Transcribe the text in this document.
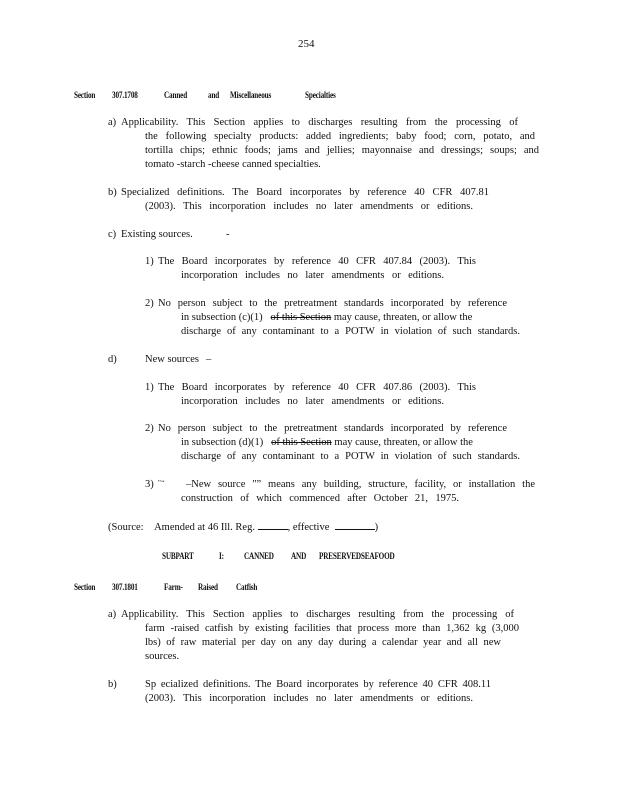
254
Section 307.1708	Canned and Miscellaneous	Specialties
a) Applicability. This Section applies to discharges resulting from the processing of
the following specialty products: added ingredients; baby food; corn, potato, and
tortilla chips; ethnic foods; jams and jellies; mayonnaise and dressings; soups; and
tomato -starch -cheese canned specialties.
b) Specialized definitions. The Board incorporates by reference 40 CFR 407.81
(2003). This incorporation includes no later amendments or editions.
c) Existing sources.	-
1) The Board incorporates by reference 40 CFR 407.84 (2003). This
incorporation includes no later amendments or editions.
2) No person subject to the pretreatment standards incorporated by reference
in subsection (c)(1) of this Section may cause, threaten, or allow the
discharge of any contaminant to a POTW in violation of such standards.
d)	New sources –
1) The Board incorporates by reference 40 CFR 407.86 (2003). This
incorporation includes no later amendments or editions.
2) No person subject to the pretreatment standards incorporated by reference
in subsection (d)(1) of this Section may cause, threaten, or allow the
discharge of any contaminant to a POTW in violation of such standards.
3) "‘‘ –New source "” means any building, structure, facility, or installation the
construction of which commenced after October 21, 1975.
(Source: Amended at 46 Ill. Reg.	, effective	)
SUBPART	I: CANNED AND PRESERVEDSEAFOOD
Section 307.1801	Farm- Raised Catfish
a) Applicability. This Section applies to discharges resulting from the processing of
farm -raised catfish by existing facilities that process more than 1,362 kg (3,000
lbs) of raw material per day on any day during a calendar year and all new
sources.
b)	Sp ecialized definitions. The Board incorporates by reference 40 CFR 408.11
(2003). This incorporation includes no later amendments or editions.
